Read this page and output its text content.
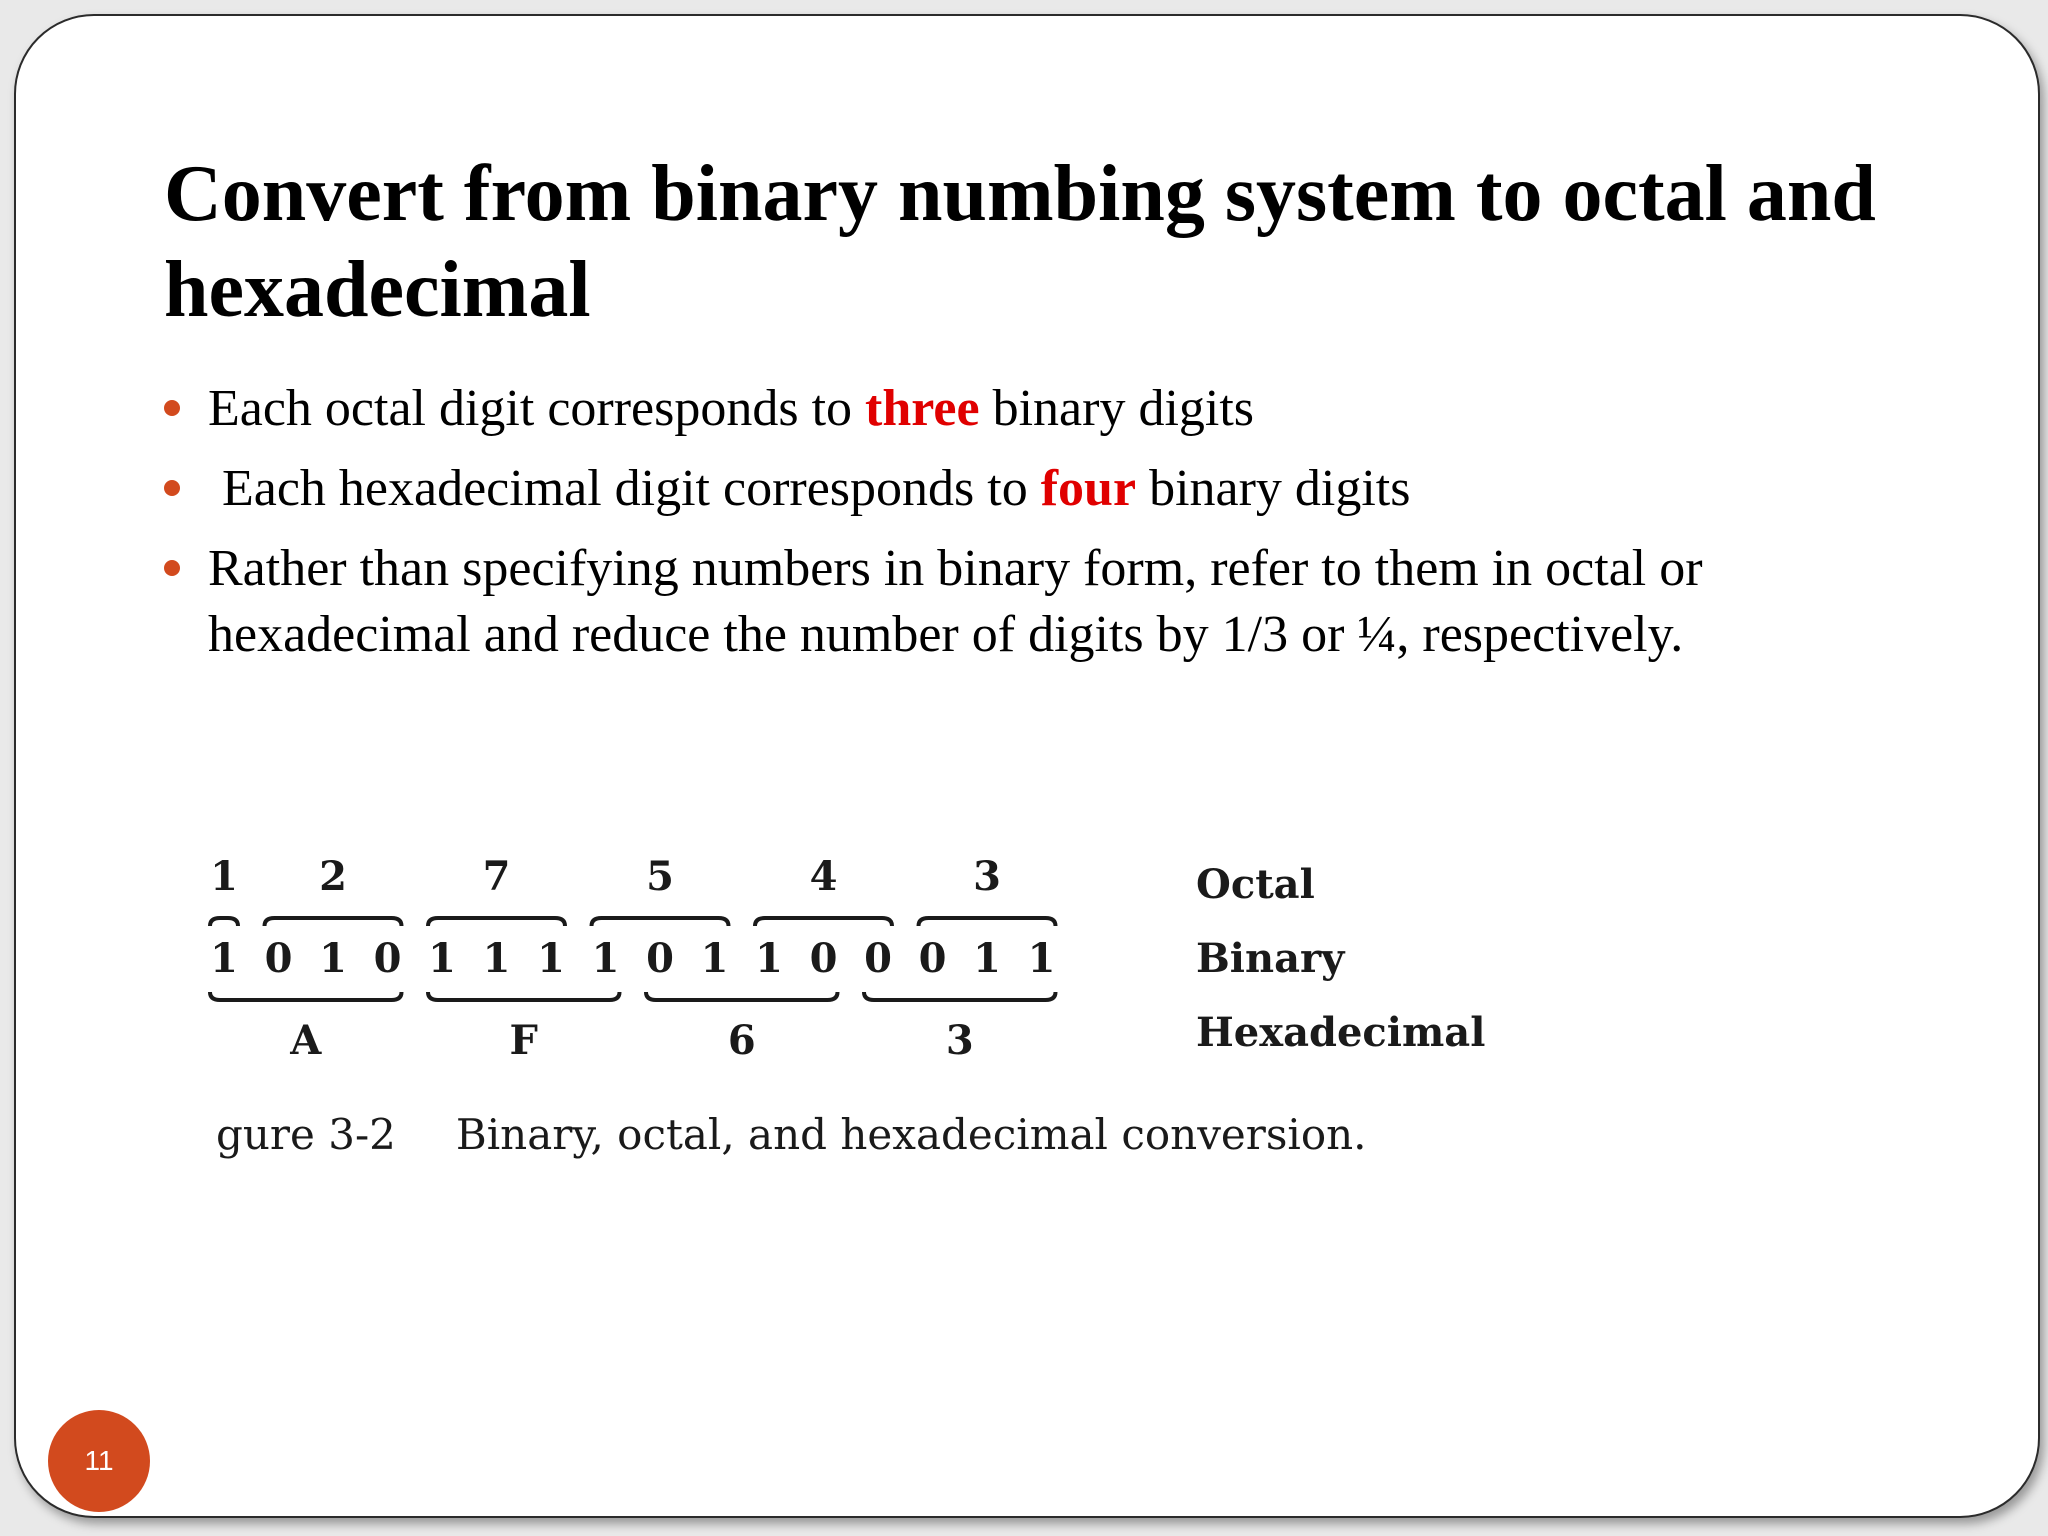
Convert from binary numbing system to octal and hexadecimal
Each octal digit corresponds to three binary digits
Each hexadecimal digit corresponds to four binary digits
Rather than specifying numbers in binary form, refer to them in octal or hexadecimal and reduce the number of digits by 1/3 or ¼, respectively.
1 2	7	5	4	3
1 0 1 0 1 1 1 1 0 1 1 0 0 0 1 1
A	F	6	3
Octal
Binary
Hexadecimal
gure 3-2 Binary, octal, and hexadecimal conversion.
11
